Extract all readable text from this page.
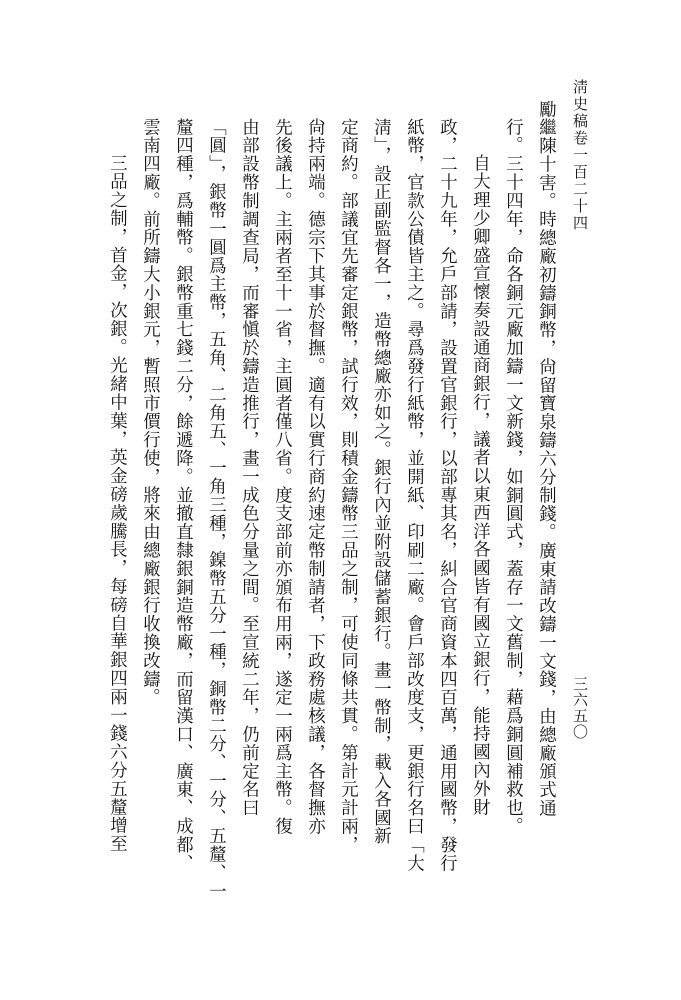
淸史稿卷一百二十四
三六五〇
勵繼陳十害。時總廠初鑄銅幣，尙留寶泉鑄六分制錢。廣東請改鑄一文錢，由總廠頒式通
行。三十四年，命各銅元廠加鑄一文新錢，如銅圓式，蓋存一文舊制，藉爲銅圓補救也。
自大理少卿盛宣懷奏設通商銀行，議者以東西洋各國皆有國立銀行，能持國內外財
政，二十九年，允戶部請，設置官銀行，以部專其名，糾合官商資本四百萬，通用國幣，發行
紙幣，官款公債皆主之。尋爲發行紙幣，並開紙、印刷二廠。會戶部改度支，更銀行名曰「大
淸」，設正副監督各一，造幣總廠亦如之。銀行內並附設儲蓄銀行。畫一幣制，載入各國新
定商約。部議宜先審定銀幣，試行效，則積金鑄幣三品之制，可使同條共貫。第計元計兩，
尙持兩端。德宗下其事於督撫。適有以實行商約速定幣制請者，下政務處核議，各督撫亦
先後議上。主兩者至十一省，主圓者僅八省。度支部前亦頒布用兩，遂定一兩爲主幣。復
由部設幣制調查局，而審愼於鑄造推行，畫一成色分量之間。至宣統二年，仍前定名曰
「圓」，銀幣一圓爲主幣，五角、二角五、一角三種，鎳幣五分一種，銅幣二分、一分、五釐、一
釐四種，爲輔幣。銀幣重七錢二分，餘遞降。並撤直隸銀銅造幣廠，而留漢口、廣東、成都、
雲南四廠。前所鑄大小銀元，暫照市價行使，將來由總廠銀行收換改鑄。
三品之制，首金，次銀。光緒中葉，英金磅歲騰長，每磅自華銀四兩一錢六分五釐增至
